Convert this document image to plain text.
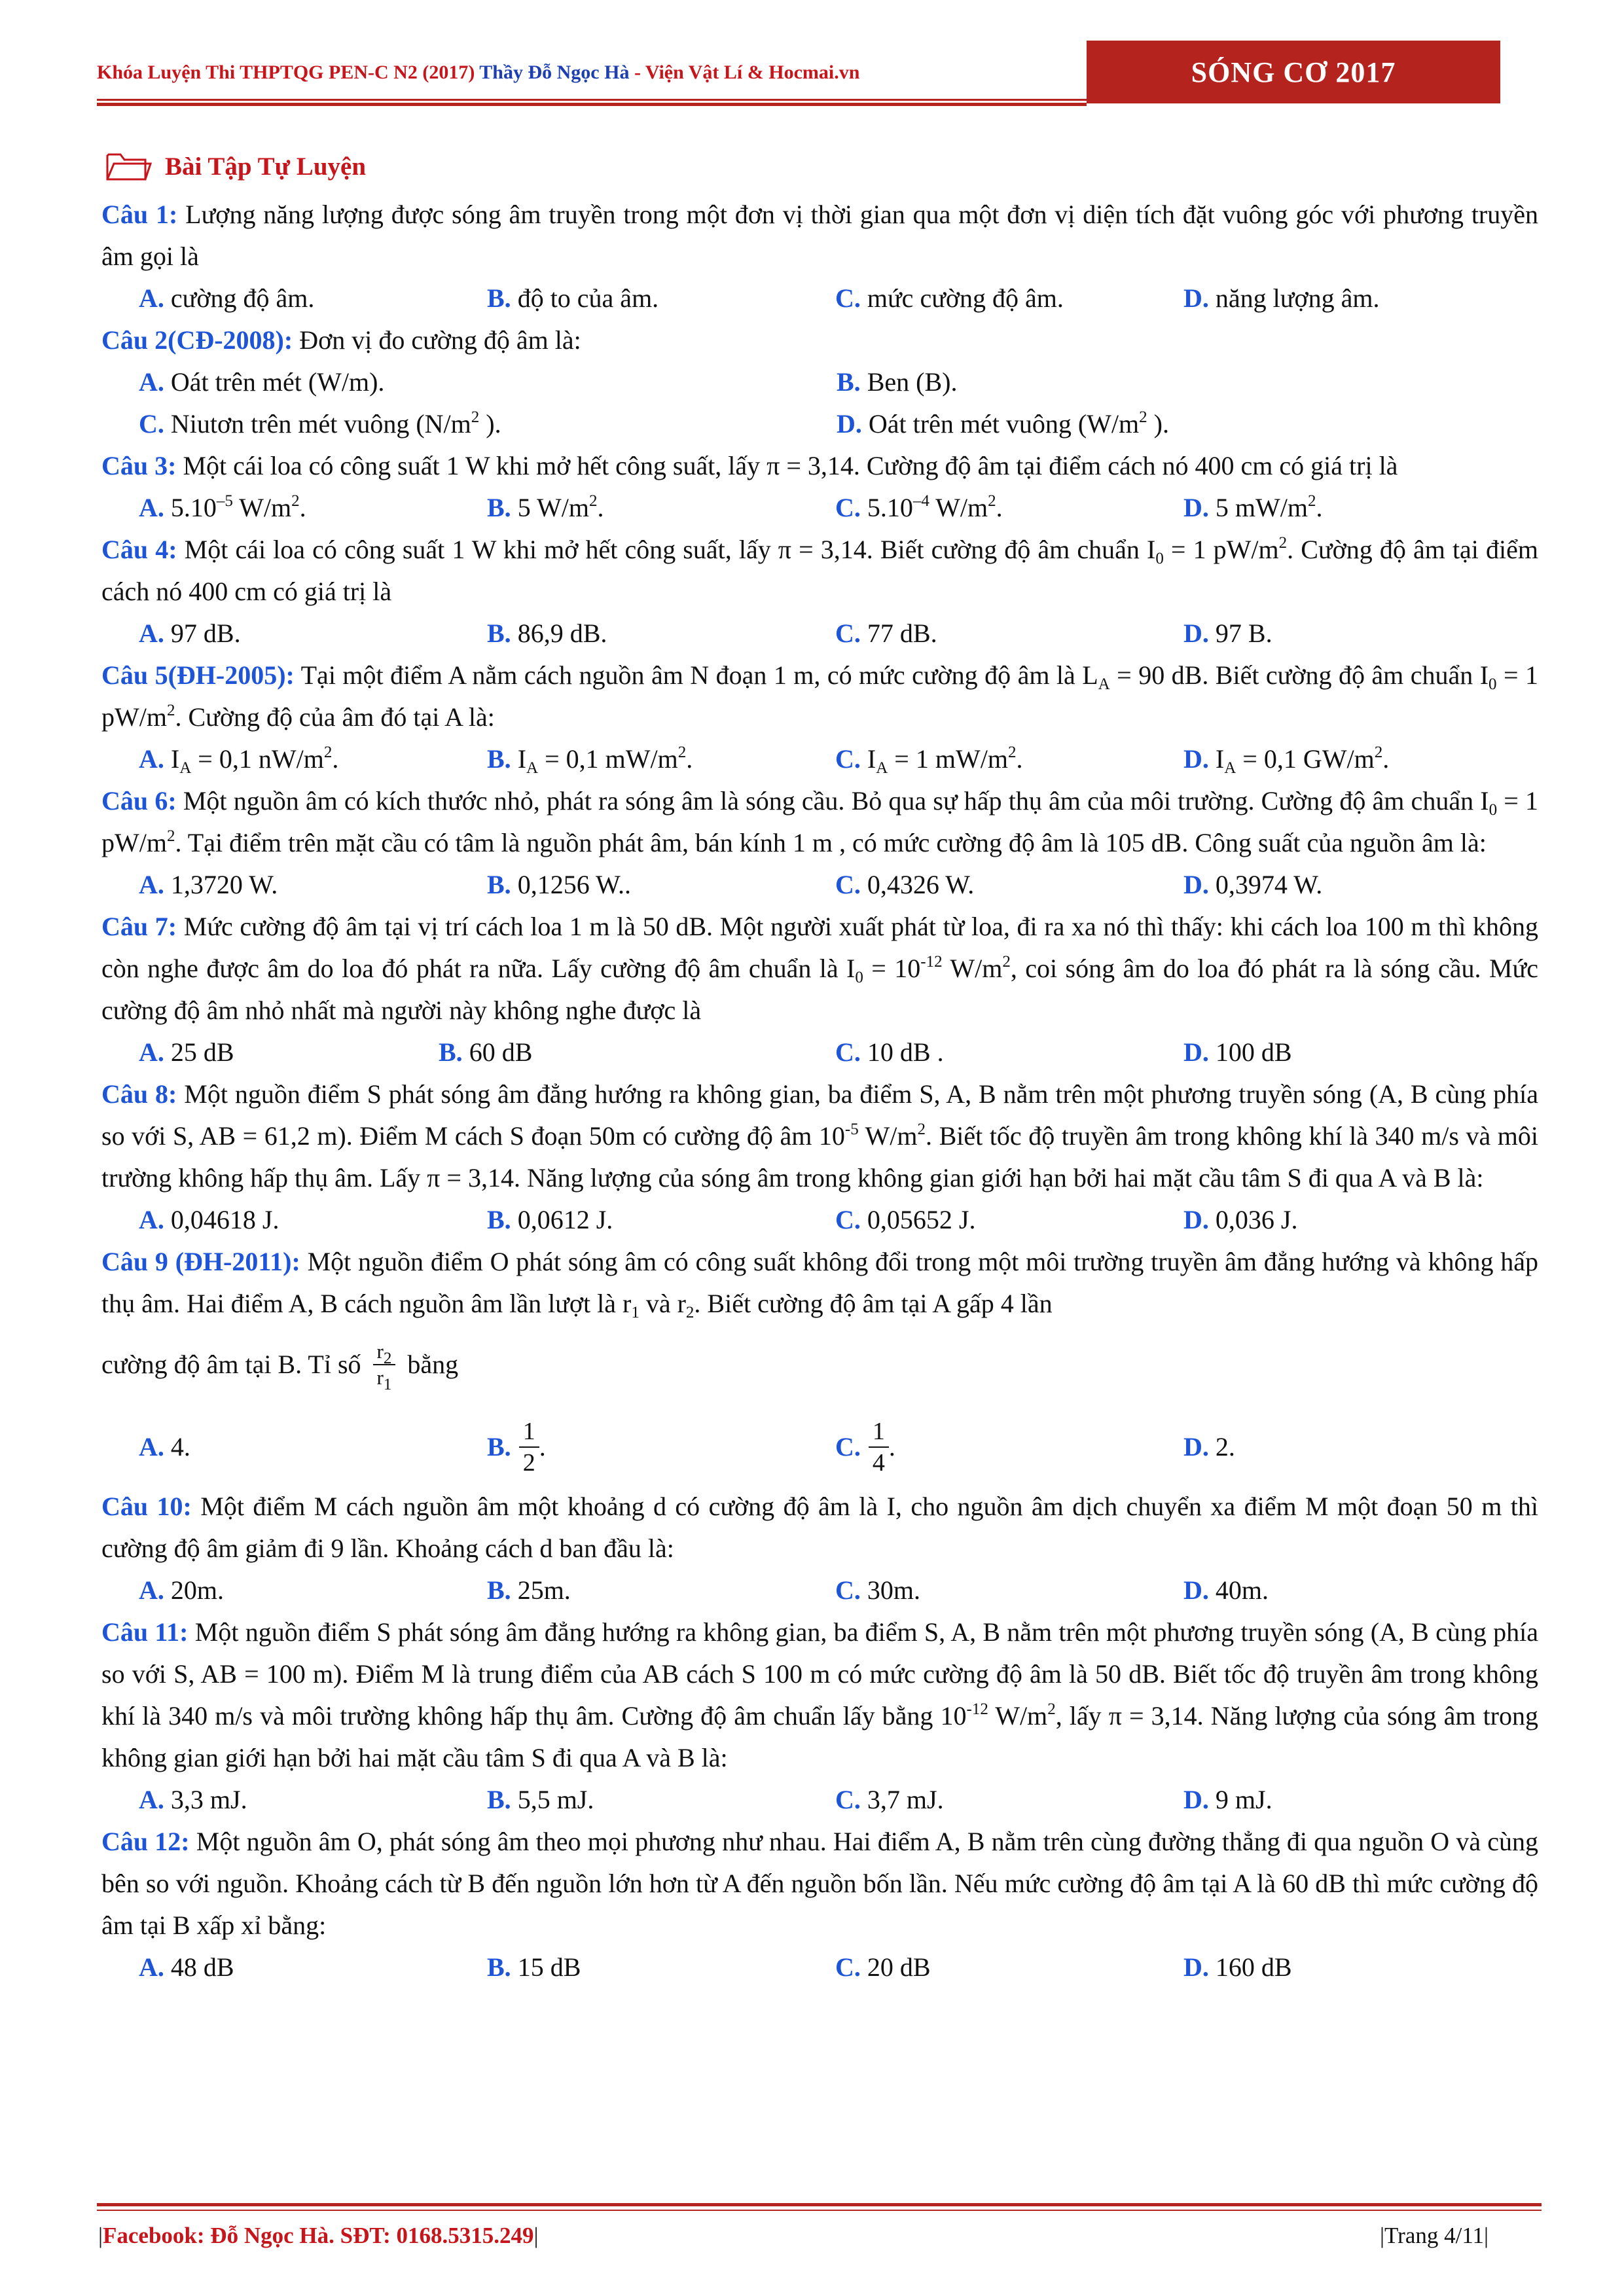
Khóa Luyện Thi THPTQG PEN-C N2 (2017) Thầy Đỗ Ngọc Hà - Viện Vật Lí & Hocmai.vn	SÓNG CƠ 2017
Bài Tập Tự Luyện
Câu 1: Lượng năng lượng được sóng âm truyền trong một đơn vị thời gian qua một đơn vị diện tích đặt vuông góc với phương truyền âm gọi là
A. cường độ âm.	B. độ to của âm.	C. mức cường độ âm.	D. năng lượng âm.
Câu 2(CĐ-2008): Đơn vị đo cường độ âm là:
A. Oát trên mét (W/m).	B. Ben (B).
C. Niutơn trên mét vuông ($N/m^2$ ).	D. Oát trên mét vuông ($W/m^2$ ).
Câu 3: Một cái loa có công suất 1 W khi mở hết công suất, lấy π = 3,14. Cường độ âm tại điểm cách nó 400 cm có giá trị là
A. $5.10^{-5}$ $W/m^2$.	B. 5 $W/m^2$.	C. $5.10^{-4}$ $W/m^2$.	D. 5 $mW/m^2$.
Câu 4: Một cái loa có công suất 1 W khi mở hết công suất, lấy π = 3,14. Biết cường độ âm chuẩn $I_0 = 1$ $pW/m^2$. Cường độ âm tại điểm cách nó 400 cm có giá trị là
A. 97 dB.	B. 86,9 dB.	C. 77 dB.	D. 97 B.
Câu 5(ĐH-2005): Tại một điểm A nằm cách nguồn âm N đoạn 1 m, có mức cường độ âm là $L_A = 90$ dB. Biết cường độ âm chuẩn $I_0 = 1$ $pW/m^2$. Cường độ của âm đó tại A là:
A. $I_A = 0,1$ $nW/m^2$.	B. $I_A = 0,1$ $mW/m^2$.	C. $I_A = 1$ $mW/m^2$.	D. $I_A = 0,1$ $GW/m^2$.
Câu 6: Một nguồn âm có kích thước nhỏ, phát ra sóng âm là sóng cầu. Bỏ qua sự hấp thụ âm của môi trường. Cường độ âm chuẩn $I_0 = 1$ $pW/m^2$. Tại điểm trên mặt cầu có tâm là nguồn phát âm, bán kính 1 m , có mức cường độ âm là 105 dB. Công suất của nguồn âm là:
A. 1,3720 W.	B. 0,1256 W..	C. 0,4326 W.	D. 0,3974 W.
Câu 7: Mức cường độ âm tại vị trí cách loa 1 m là 50 dB. Một người xuất phát từ loa, đi ra xa nó thì thấy: khi cách loa 100 m thì không còn nghe được âm do loa đó phát ra nữa. Lấy cường độ âm chuẩn là $I_0 = 10^{-12}$ $W/m^2$, coi sóng âm do loa đó phát ra là sóng cầu. Mức cường độ âm nhỏ nhất mà người này không nghe được là
A. 25 dB	B. 60 dB	C. 10 dB .	D. 100 dB
Câu 8: Một nguồn điểm S phát sóng âm đẳng hướng ra không gian, ba điểm S, A, B nằm trên một phương truyền sóng (A, B cùng phía so với S, AB = 61,2 m). Điểm M cách S đoạn 50m có cường độ âm $10^{-5}$ $W/m^2$. Biết tốc độ truyền âm trong không khí là 340 m/s và môi trường không hấp thụ âm. Lấy π = 3,14. Năng lượng của sóng âm trong không gian giới hạn bởi hai mặt cầu tâm S đi qua A và B là:
A. 0,04618 J.	B. 0,0612 J.	C. 0,05652 J.	D. 0,036 J.
Câu 9 (ĐH-2011): Một nguồn điểm O phát sóng âm có công suất không đổi trong một môi trường truyền âm đẳng hướng và không hấp thụ âm. Hai điểm A, B cách nguồn âm lần lượt là $r_1$ và $r_2$. Biết cường độ âm tại A gấp 4 lần
cường độ âm tại B. Tỉ số $\frac{r_2}{r_1}$ bằng
A. 4.	B. $\frac{1}{2}$ .	C. $\frac{1}{4}$ .	D. 2.
Câu 10: Một điểm M cách nguồn âm một khoảng d có cường độ âm là I, cho nguồn âm dịch chuyển xa điểm M một đoạn 50 m thì cường độ âm giảm đi 9 lần. Khoảng cách d ban đầu là:
A. 20m.	B. 25m.	C. 30m.	D. 40m.
Câu 11: Một nguồn điểm S phát sóng âm đẳng hướng ra không gian, ba điểm S, A, B nằm trên một phương truyền sóng (A, B cùng phía so với S, AB = 100 m). Điểm M là trung điểm của AB cách S 100 m có mức cường độ âm là 50 dB. Biết tốc độ truyền âm trong không khí là 340 m/s và môi trường không hấp thụ âm. Cường độ âm chuẩn lấy bằng $10^{-12}$ $W/m^2$, lấy π = 3,14. Năng lượng của sóng âm trong không gian giới hạn bởi hai mặt cầu tâm S đi qua A và B là:
A. 3,3 mJ.	B. 5,5 mJ.	C. 3,7 mJ.	D. 9 mJ.
Câu 12: Một nguồn âm O, phát sóng âm theo mọi phương như nhau. Hai điểm A, B nằm trên cùng đường thẳng đi qua nguồn O và cùng bên so với nguồn. Khoảng cách từ B đến nguồn lớn hơn từ A đến nguồn bốn lần. Nếu mức cường độ âm tại A là 60 dB thì mức cường độ âm tại B xấp xỉ bằng:
A. 48 dB	B. 15 dB	C. 20 dB	D. 160 dB
|Facebook: Đỗ Ngọc Hà. SĐT: 0168.5315.249|	|Trang 4/11|
